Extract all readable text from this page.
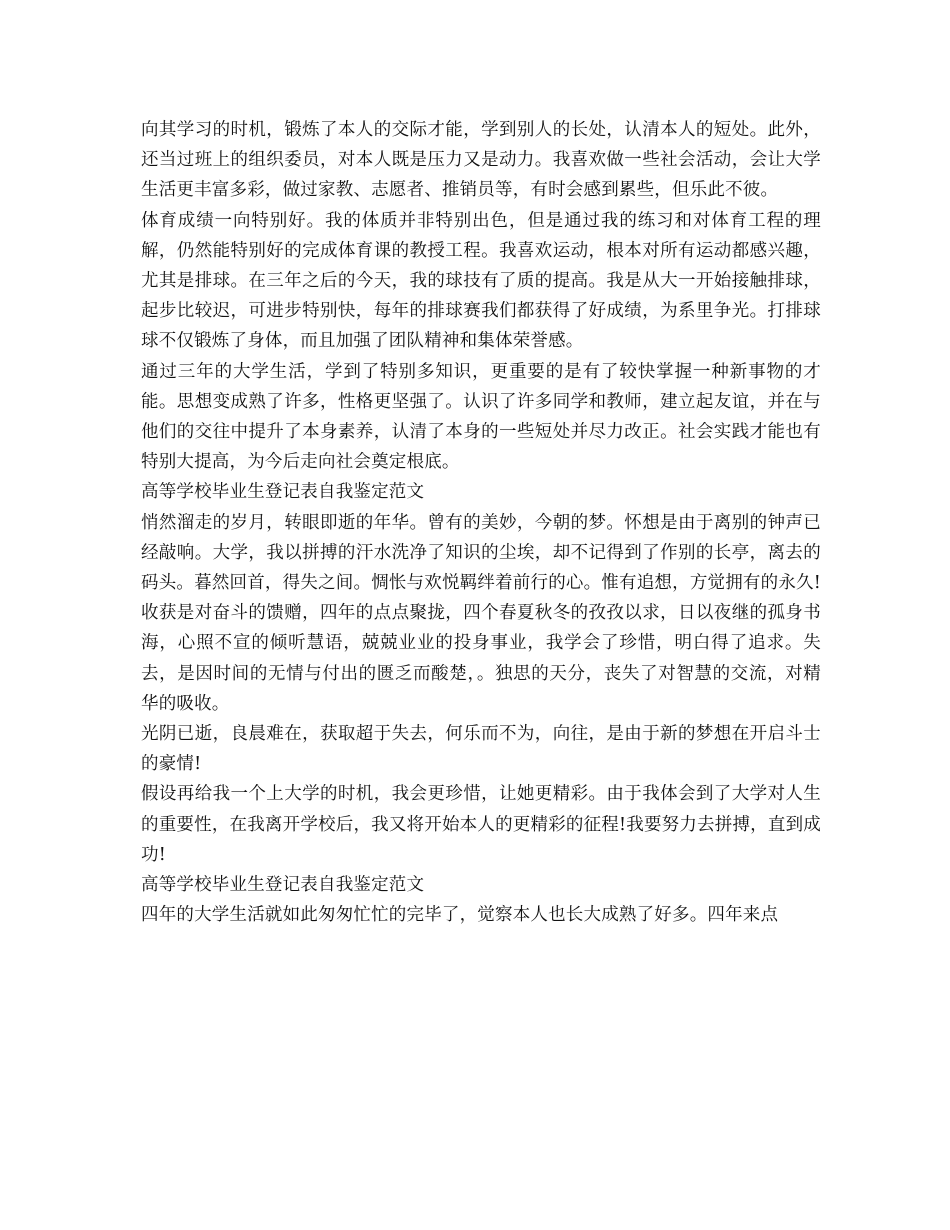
向其学习的时机，锻炼了本人的交际才能，学到别人的长处，认清本人的短处。此外，还当过班上的组织委员，对本人既是压力又是动力。我喜欢做一些社会活动，会让大学生活更丰富多彩，做过家教、志愿者、推销员等，有时会感到累些，但乐此不彼。

体育成绩一向特别好。我的体质并非特别出色，但是通过我的练习和对体育工程的理解，仍然能特别好的完成体育课的教授工程。我喜欢运动，根本对所有运动都感兴趣，尤其是排球。在三年之后的今天，我的球技有了质的提高。我是从大一开始接触排球，起步比较迟，可进步特别快，每年的排球赛我们都获得了好成绩，为系里争光。打排球球不仅锻炼了身体，而且加强了团队精神和集体荣誉感。

通过三年的大学生活，学到了特别多知识，更重要的是有了较快掌握一种新事物的才能。思想变成熟了许多，性格更坚强了。认识了许多同学和教师，建立起友谊，并在与他们的交往中提升了本身素养，认清了本身的一些短处并尽力改正。社会实践才能也有特别大提高，为今后走向社会奠定根底。

高等学校毕业生登记表自我鉴定范文

悄然溜走的岁月，转眼即逝的年华。曾有的美妙，今朝的梦。怀想是由于离别的钟声已经敲响。大学，我以拼搏的汗水洗净了知识的尘埃，却不记得到了作别的长亭，离去的码头。暮然回首，得失之间。惆怅与欢悦羁绊着前行的心。惟有追想，方觉拥有的永久!收获是对奋斗的馈赠，四年的点点聚拢，四个春夏秋冬的孜孜以求，日以夜继的孤身书海，心照不宣的倾听慧语，兢兢业业的投身事业，我学会了珍惜，明白得了追求。失去，是因时间的无情与付出的匮乏而酸楚，。独思的天分，丧失了对智慧的交流，对精华的吸收。

光阴已逝，良晨难在，获取超于失去，何乐而不为，向往，是由于新的梦想在开启斗士的豪情!

假设再给我一个上大学的时机，我会更珍惜，让她更精彩。由于我体会到了大学对人生的重要性，在我离开学校后，我又将开始本人的更精彩的征程!我要努力去拼搏，直到成功!

高等学校毕业生登记表自我鉴定范文

四年的大学生活就如此匆匆忙忙的完毕了，觉察本人也长大成熟了好多。四年来点
